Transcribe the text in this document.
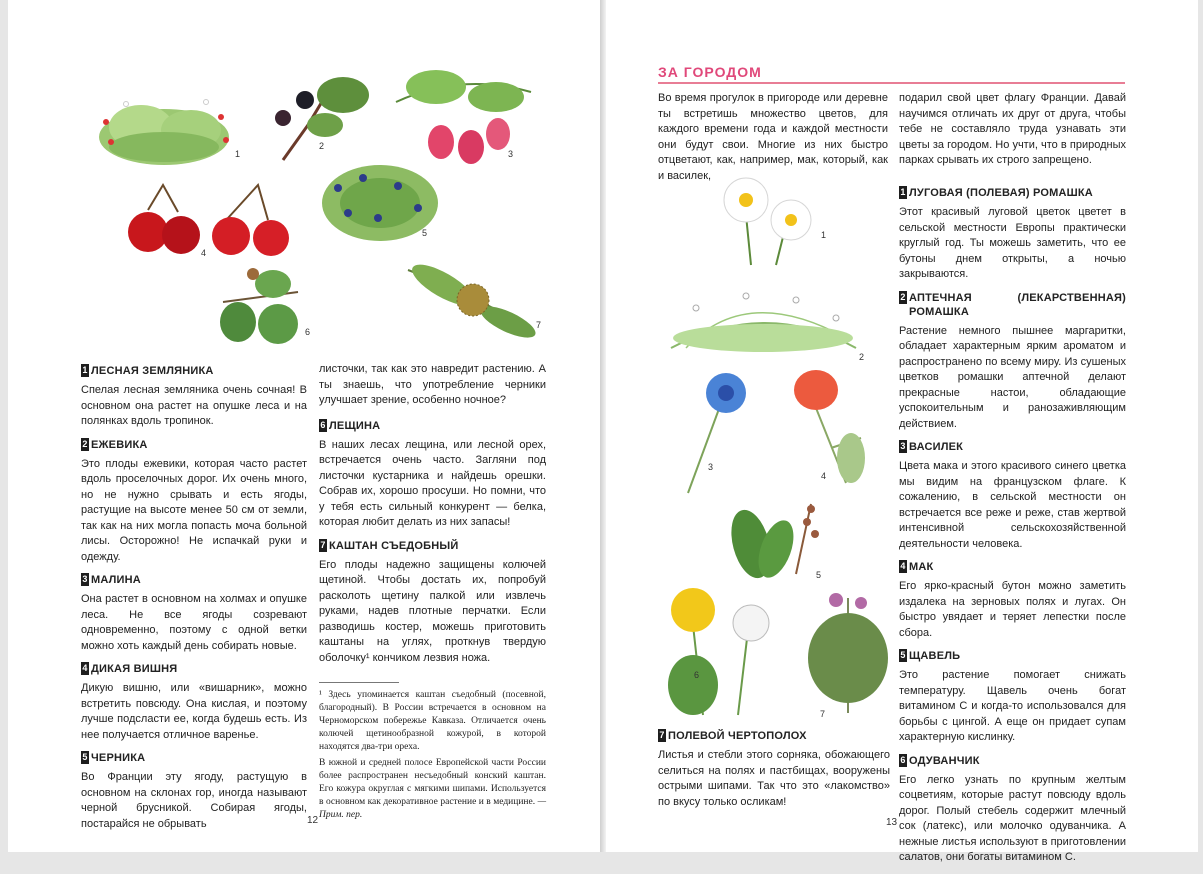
1
2
3
4
5
6
7
1 ЛЕСНАЯ ЗЕМЛЯНИКА

Спелая лесная земляника очень сочная! В основном она растет на опушке леса и на полянках вдоль тропинок.

2 ЕЖЕВИКА

Это плоды ежевики, которая часто растет вдоль проселочных дорог. Их очень много, но не нужно срывать и есть ягоды, растущие на высоте менее 50 см от земли, так как на них могла попасть моча больной лисы. Осторожно! Не испачкай руки и одежду.

3 МАЛИНА

Она растет в основном на холмах и опушке леса. Не все ягоды созревают одновременно, поэтому с одной ветки можно хоть каждый день собирать новые.

4 ДИКАЯ ВИШНЯ

Дикую вишню, или «вишарник», можно встретить повсюду. Она кислая, и поэтому лучше подсласти ее, когда будешь есть. Из нее получается отличное варенье.

5 ЧЕРНИКА

Во Франции эту ягоду, растущую в основном на склонах гор, иногда называют черной брусникой. Собирая ягоды, постарайся не обрывать

листочки, так как это навредит растению. А ты знаешь, что употребление черники улучшает зрение, особенно ночное?

6 ЛЕЩИНА

В наших лесах лещина, или лесной орех, встречается очень часто. Загляни под листочки кустарника и найдешь орешки. Собрав их, хорошо просуши. Но помни, что у тебя есть сильный конкурент — белка, которая любит делать из них запасы!

7 КАШТАН СЪЕДОБНЫЙ

Его плоды надежно защищены колючей щетиной. Чтобы достать их, попробуй расколоть щетину палкой или извлечь руками, надев плотные перчатки. Если разводишь костер, можешь приготовить каштаны на углях, проткнув твердую оболочку¹ кончиком лезвия ножа.

¹ Здесь упоминается каштан съедобный (посевной, благородный). В России встречается в основном на Черноморском побережье Кавказа. Отличается очень колючей щетинообразной кожурой, в которой находятся два-три ореха.

В южной и средней полосе Европейской части России более распространен несъедобный конский каштан. Его кожура округлая с мягкими шипами. Используется в основном как декоративное растение и в медицине. — Прим. пер.

12
ЗА ГОРОДОМ
Во время прогулок в пригороде или деревне ты встретишь множество цветов, для каждого времени года и каждой местности они будут свои. Многие из них быстро отцветают, как, например, мак, который, как и василек,
подарил свой цвет флагу Франции. Давай научимся отличать их друг от друга, чтобы тебе не составляло труда узнавать эти цветы за городом. Но учти, что в природных парках срывать их строго запрещено.
1
2
3
4
5
6
7
1 ЛУГОВАЯ (ПОЛЕВАЯ) РОМАШКА

Этот красивый луговой цветок цветет в сельской местности Европы практически круглый год. Ты можешь заметить, что ее бутоны днем открыты, а ночью закрываются.

2 АПТЕЧНАЯ (ЛЕКАРСТВЕННАЯ) РОМАШКА

Растение немного пышнее маргаритки, обладает характерным ярким ароматом и распространено по всему миру. Из сушеных цветков ромашки аптечной делают прекрасные настои, обладающие успокоительным и ранозаживляющим действием.

3 ВАСИЛЕК

Цвета мака и этого красивого синего цветка мы видим на французском флаге. К сожалению, в сельской местности он встречается все реже и реже, став жертвой интенсивной сельскохозяйственной деятельности человека.

4 МАК

Его ярко-красный бутон можно заметить издалека на зерновых полях и лугах. Он быстро увядает и теряет лепестки после сбора.

5 ЩАВЕЛЬ

Это растение помогает снижать температуру. Щавель очень богат витамином С и когда-то использовался для борьбы с цингой. А еще он придает супам характерную кислинку.

6 ОДУВАНЧИК

Его легко узнать по крупным желтым соцветиям, которые растут повсюду вдоль дорог. Полый стебель содержит млечный сок (латекс), или молочко одуванчика. А нежные листья используют в приготовлении салатов, они богаты витамином С.

7 ПОЛЕВОЙ ЧЕРТОПОЛОХ

Листья и стебли этого сорняка, обожающего селиться на полях и пастбищах, вооружены острыми шипами. Так что это «лакомство» по вкусу только осликам!

13
